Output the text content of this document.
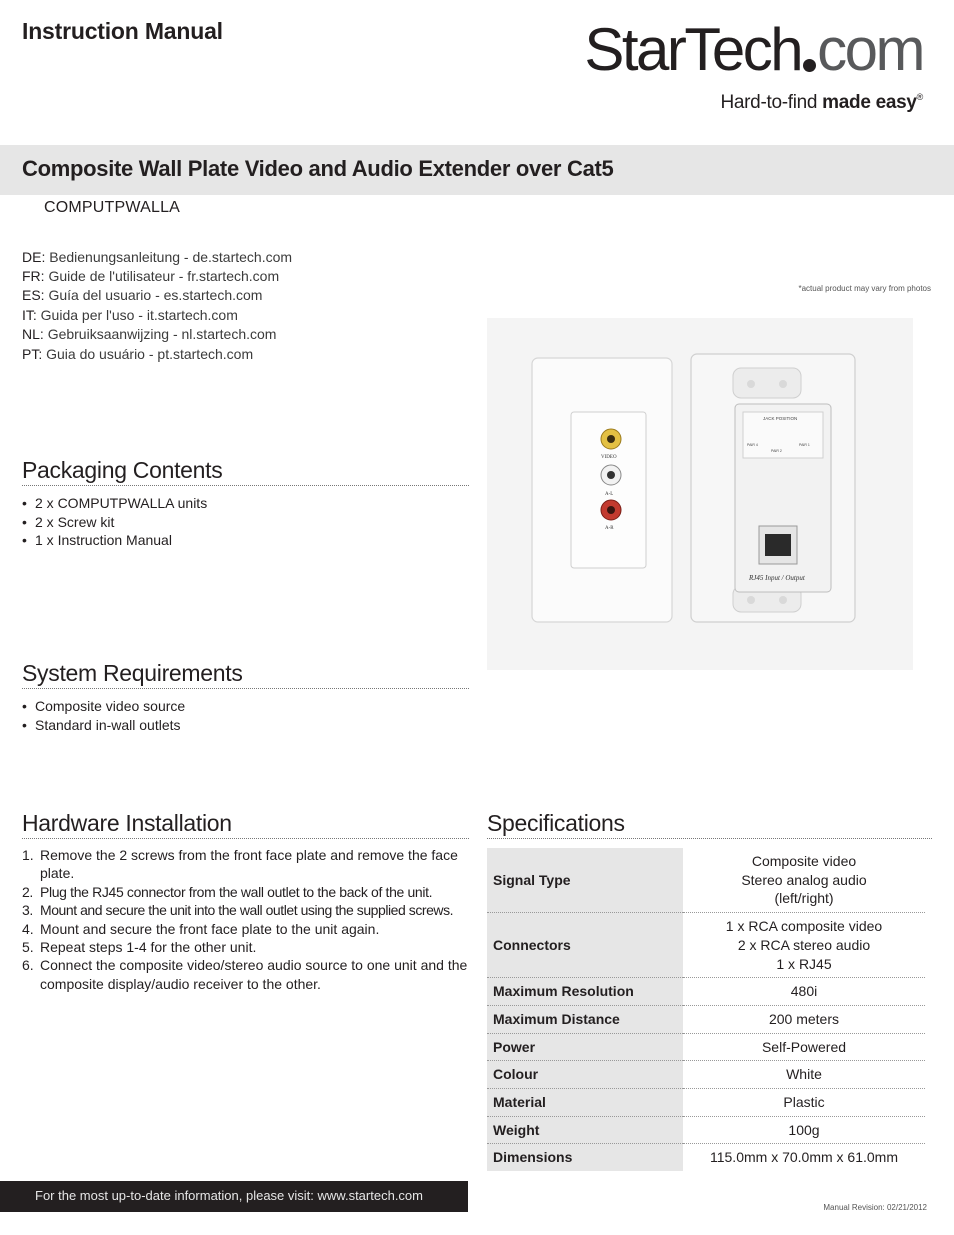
Instruction Manual	StarTech com
Hard-to-find made easy®
Composite Wall Plate Video and Audio Extender over Cat5
COMPUTPWALLA
DE: Bedienungsanleitung - de.startech.com
FR: Guide de l'utilisateur - fr.startech.com
ES: Guía del usuario - es.startech.com
IT: Guida per l'uso - it.startech.com
NL: Gebruiksaanwijzing - nl.startech.com
PT: Guia do usuário - pt.startech.com
*actual product may vary from photos
VIDEO
A-L
A-R
JACK POSITION
PAIR 4
PAIR 2
PAIR 1
RJ45 Input / Output
Packaging Contents
• 2 x COMPUTPWALLA units
• 2 x Screw kit
• 1 x Instruction Manual
System Requirements
• Composite video source
• Standard in-wall outlets
Hardware Installation
1. Remove the 2 screws from the front face plate and remove the face plate.
2. Plug the RJ45 connector from the wall outlet to the back of the unit.
3. Mount and secure the unit into the wall outlet using the supplied screws.
4. Mount and secure the front face plate to the unit again.
5. Repeat steps 1-4 for the other unit.
6. Connect the composite video/stereo audio source to one unit and the composite display/audio receiver to the other.
Specifications
Signal Type	Composite video
Stereo analog audio
(left/right)

Connectors	1 x RCA composite video
2 x RCA stereo audio
1 x RJ45

Maximum Resolution	480i

Maximum Distance	200 meters

Power	Self-Powered

Colour	White

Material	Plastic

Weight	100g

Dimensions	115.0mm x 70.0mm x 61.0mm
For the most up-to-date information, please visit: www.startech.com
Manual Revision: 02/21/2012
